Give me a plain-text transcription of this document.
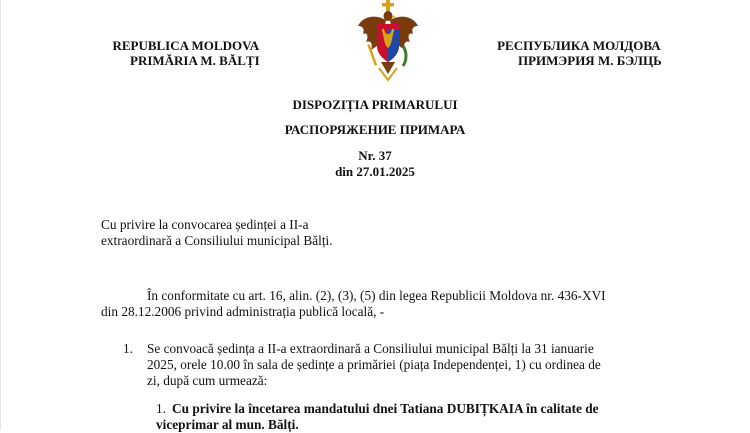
REPUBLICA MOLDOVA
PRIMĂRIA M. BĂLȚI
РЕСПУБЛИКА МОЛДОВА
ПРИМЭРИЯ М. БЭЛЦЬ
DISPOZIȚIA PRIMARULUI
РАСПОРЯЖЕНИЕ ПРИМАРА
Nr. 37
din 27.01.2025
Cu privire la convocarea ședinței a II-a
extraordinară a Consiliului municipal Bălți.
În conformitate cu art. 16, alin. (2), (3), (5) din legea Republicii Moldova nr. 436-XVI
din 28.12.2006 privind administrația publică locală, -
1. Se convoacă ședința a II-a extraordinară a Consiliului municipal Bălți la 31 ianuarie
2025, orele 10.00 în sala de ședințe a primăriei (piața Independenței, 1) cu ordinea de
zi, după cum urmează:
1. Cu privire la încetarea mandatului dnei Tatiana DUBIȚKAIA în calitate de
viceprimar al mun. Bălți.
